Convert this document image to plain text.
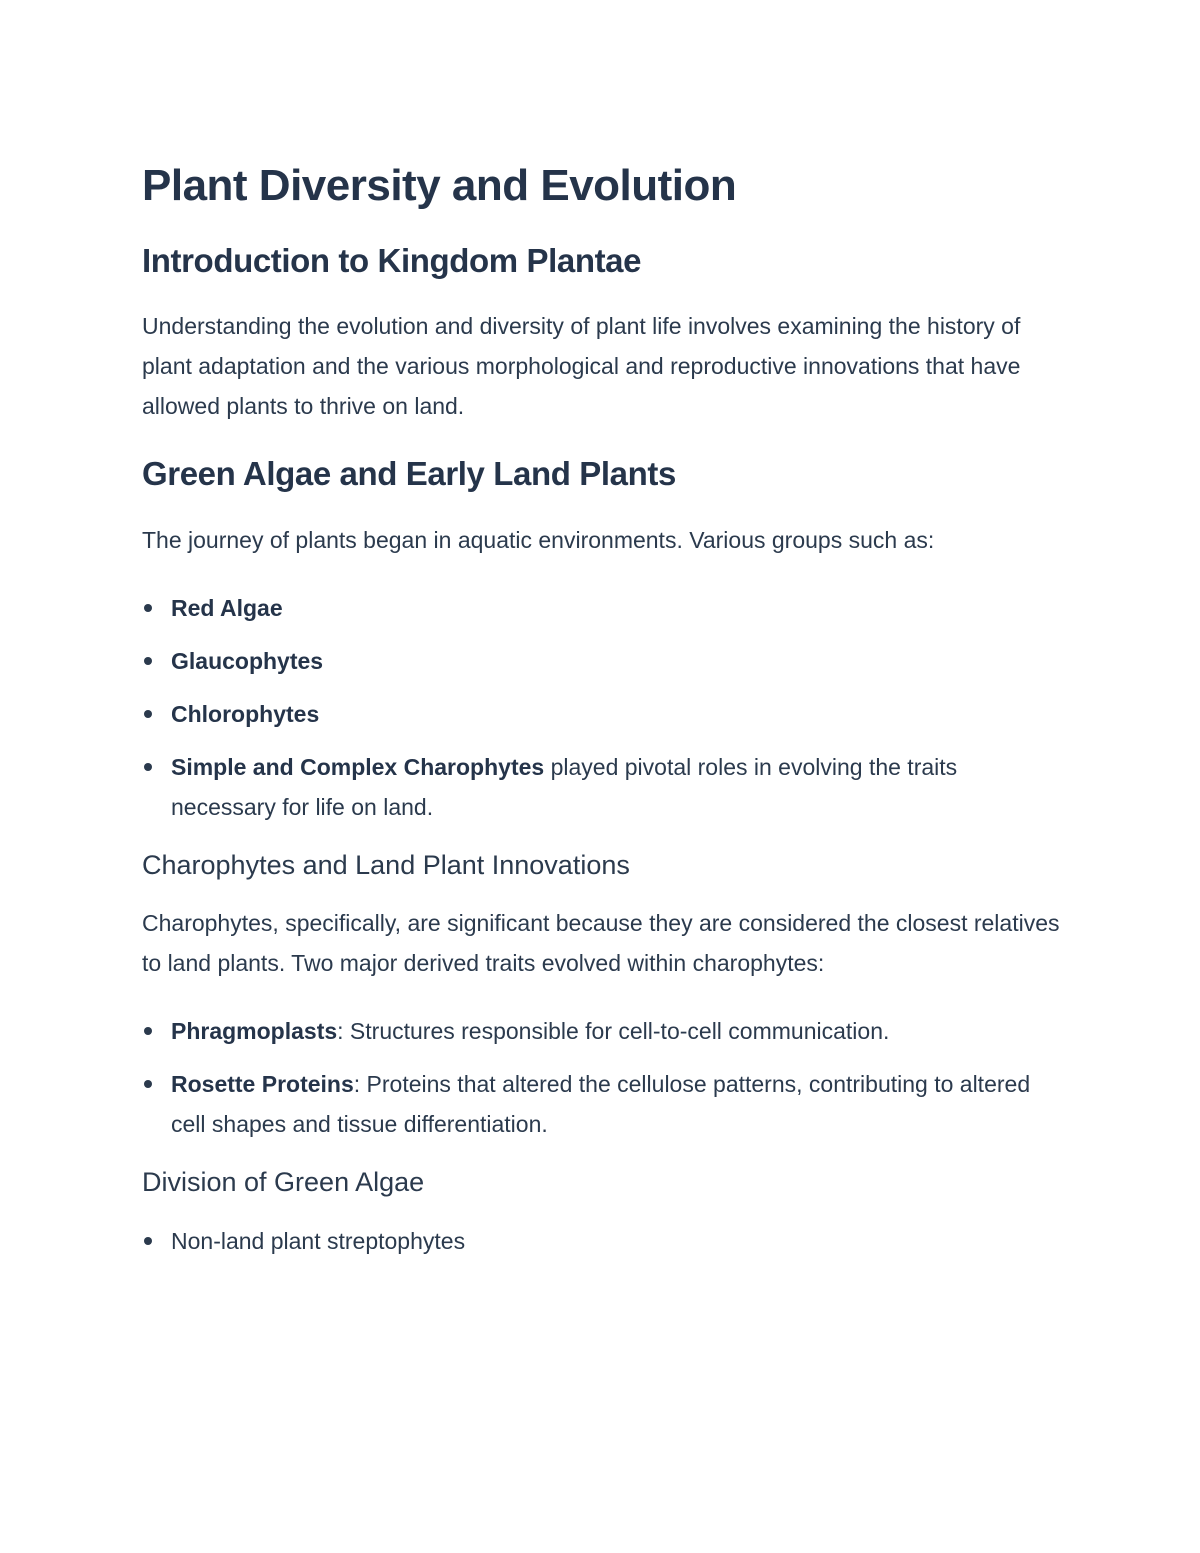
Plant Diversity and Evolution
Introduction to Kingdom Plantae

Understanding the evolution and diversity of plant life involves examining the history of plant adaptation and the various morphological and reproductive innovations that have allowed plants to thrive on land.

Green Algae and Early Land Plants

The journey of plants began in aquatic environments. Various groups such as:

Red Algae
Glaucophytes
Chlorophytes
Simple and Complex Charophytes played pivotal roles in evolving the traits necessary for life on land.
Charophytes and Land Plant Innovations

Charophytes, specifically, are significant because they are considered the closest relatives to land plants. Two major derived traits evolved within charophytes:

Phragmoplasts: Structures responsible for cell-to-cell communication.
Rosette Proteins: Proteins that altered the cellulose patterns, contributing to altered cell shapes and tissue differentiation.
Division of Green Algae
Non-land plant streptophytes
